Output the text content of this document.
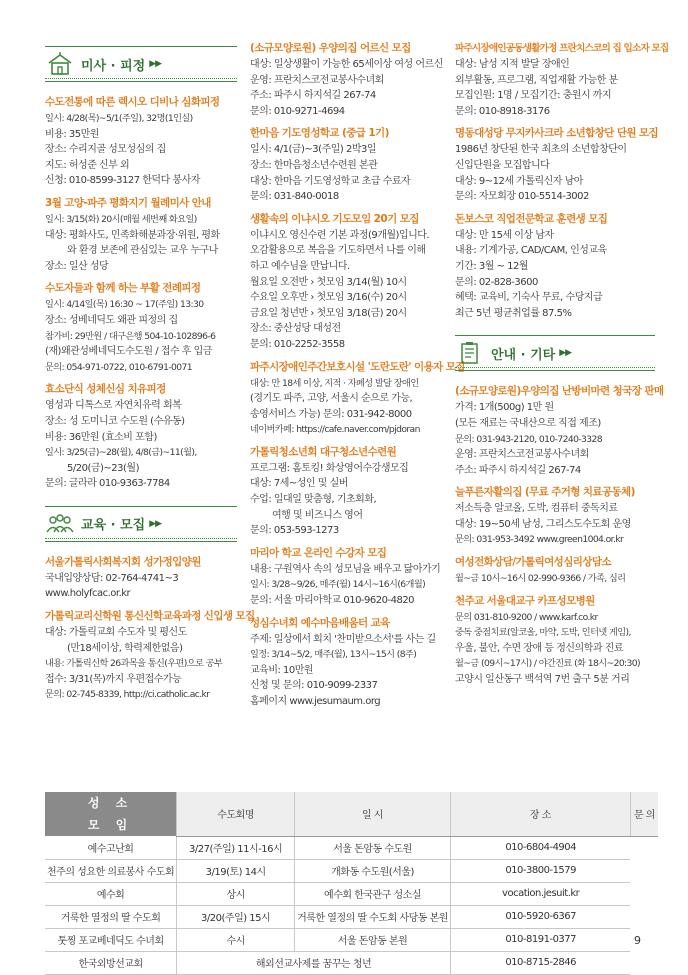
미사 · 피정 ▶▶
수도전통에 따른 렉시오 디비나 심화피정
일시: 4/28(목)~5/1(주일), 32명(1인실)
비용: 35만원
장소: 수리지골 성모성심의 집
지도: 허성준 신부 외
신청: 010-8599-3127 한덕다 봉사자
3월 고양-파주 평화지기 월례미사 안내
일시: 3/15(화) 20시(매월 세번째 화요일)
대상: 평화사도, 민족화해분과장·위원, 평화
와 환경 보존에 관심있는 교우 누구나
장소: 일산 성당
수도자들과 함께 하는 부활 전례피정
일시: 4/14일(목) 16:30 ~ 17(주일) 13:30
장소: 성베네딕도 왜관 피정의 집
참가비: 29만원 / 대구은행 504-10-102896-6
(재)왜관성베네딕도수도원 / 접수 후 입금
문의: 054-971-0722, 010-6791-0071
효소단식 성체신심 치유피정
영성과 디톡스로 자연치유력 회복
장소: 성 도미니코 수도원 (수유동)
비용: 36만원 (효소비 포함)
일시: 3/25(금)~28(월), 4/8(금)~11(월),
5/20(금)~23(월)
문의: 글라라 010-9363-7784
교육 · 모집 ▶▶
서울가톨릭사회복지회 성가정입양원
국내입양상담: 02-764-4741~3
www.holyfcac.or.kr
가톨릭교리신학원 통신신학교육과정 신입생 모집
대상: 가톨릭교회 수도자 및 평신도
(만18세이상, 학력제한없음)
내용: 가톨릭신학 26과목을 통신(우편)으로 공부
접수: 3/31(목)까지 우편접수가능
문의: 02-745-8339, http://ci.catholic.ac.kr
(소규모양로원) 우양의집 어르신 모집
대상: 일상생활이 가능한 65세이상 여성 어르신
운영: 프란치스코전교봉사수녀회
주소: 파주시 하지석길 267-74
문의: 010-9271-4694
한마음 기도영성학교 (중급 1기)
일시: 4/1(금)~3(주일) 2박3일
장소: 한마음청소년수련원 본관
대상: 한마음 기도영성학교 초급 수료자
문의: 031-840-0018
생활속의 이냐시오 기도모임 20기 모집
이냐시오 영신수련 기본 과정(9개월)입니다.
오감활용으로 복음을 기도하면서 나를 이해
하고 예수님을 만납니다.
월요일 오전반 › 첫모임 3/14(월) 10시
수요일 오후반 › 첫모임 3/16(수) 20시
금요일 청년반 › 첫모임 3/18(금) 20시
장소: 중산성당 대성전
문의: 010-2252-3558
파주시장애인주간보호시설 '도란도란' 이용자 모집
대상: 만 18세 이상, 지적 · 자폐성 발달 장애인
(경기도 파주, 고양, 서울시 순으로 가능,
송영서비스 가능) 문의: 031-942-8000
네이버카페: https://cafe.naver.com/pjdoran
가톨릭청소년회 대구청소년수련원
프로그램: 홈토킹! 화상영어수강생모집
대상: 7세~성인 및 실버
수업: 일대일 맞춤형, 기초회화,
여행 및 비즈니스 영어
문의: 053-593-1273
마리아 학교 온라인 수강자 모집
내용: 구원역사 속의 성모님을 배우고 닮아가기
일시: 3/28~9/26, 매주(월) 14시~16시(6개월)
문의: 서울 마리아학교 010-9620-4820
성심수녀회 예수마음배움터 교육
주제: 일상에서 회치 '찬미받으소서'를 사는 길
일정: 3/14~5/2, 매주(월), 13시~15시 (8주)
교육비: 10만원
신청 및 문의: 010-9099-2337
홈페이지 www.jesumaum.org
파주시장애인공동생활가정 프란치스코의 집 입소자 모집
대상: 남성 지적 발달 장애인
외부활동, 프로그램, 직업재활 가능한 분
모집인원: 1명 / 모집기간: 충원시 까지
문의: 010-8918-3176
명동대성당 무지카사크라 소년합창단 단원 모집
1986년 창단된 한국 최초의 소년합창단이
신입단원을 모집합니다
대상: 9~12세 가톨릭신자 남아
문의: 자모회장 010-5514-3002
돈보스코 직업전문학교 훈련생 모집
대상: 만 15세 이상 남자
내용: 기계가공, CAD/CAM, 인성교육
기간: 3월 ~ 12월
문의: 02-828-3600
혜택: 교육비, 기숙사 무료, 수당지급
최근 5년 평균취업률 87.5%
안내 · 기타 ▶▶
(소규모양로원)우양의집 난방비마련 청국장 판매
가격: 1개(500g) 1만 원
(모든 재료는 국내산으로 직접 제조)
문의: 031-943-2120, 010-7240-3328
운영: 프란치스코전교봉사수녀회
주소: 파주시 하지석길 267-74
늘푸른자활의집 (무료 주거형 치료공동체)
저소득층 알코올, 도박, 컴퓨터 중독치료
대상: 19~50세 남성, 그리스도수도회 운영
문의: 031-953-3492 www.green1004.or.kr
여성전화상담/가톨릭여성심리상담소
월~금 10시~16시 02-990-9366 / 가족, 심리
천주교 서울대교구 카프성모병원
문의 031-810-9200 / www.karf.co.kr
중독 중점치료(알코올, 마약, 도박, 인터넷 게임),
우울, 불안, 수면 장애 등 정신의학과 진료
월~금 (09시~17시) / 야간진료 (화 18시~20:30)
고양시 일산동구 백석역 7번 출구 5분 거리
성 소
모 임	수도회명	일 시	장 소	문 의
예수고난회	3/27(주일) 11시-16시	서울 돈암동 수도원	010-6804-4904	
천주의 성요한 의료봉사 수도회	3/19(토) 14시	개화동 수도원(서울)	010-3800-1579	
예수회	상시	예수회 한국관구 성소실	vocation.jesuit.kr	
거룩한 열정의 딸 수도회	3/20(주일) 15시	거룩한 열정의 딸 수도회 사당동 본원	010-5920-6367	
툿찡 포교베네딕도 수녀회	수시	서울 돈암동 본원	010-8191-0377	
한국외방선교회	해외선교사제를 꿈꾸는 청년		010-8715-2846	
9
